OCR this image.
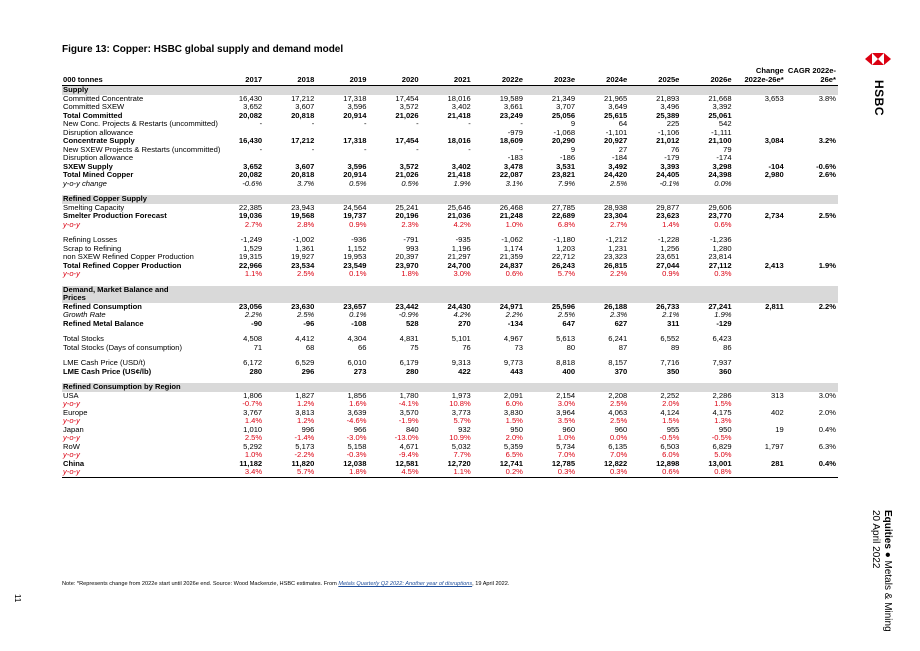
Figure 13: Copper: HSBC global supply and demand model
000 tonnes	2017	2018	2019	2020	2021	2022e	2023e	2024e	2025e	2026e	Change 2022e-26e*	CAGR 2022e-26e*
Supply												
Committed Concentrate	16,430	17,212	17,318	17,454	18,016	19,589	21,349	21,965	21,893	21,668	3,653	3.8%
Committed SXEW	3,652	3,607	3,596	3,572	3,402	3,661	3,707	3,649	3,496	3,392		
Total Committed	20,082	20,818	20,914	21,026	21,418	23,249	25,056	25,615	25,389	25,061		
New Conc. Projects & Restarts (uncommitted)	-	-	-	-	-	-	9	64	225	542		
Disruption allowance						-979	-1,068	-1,101	-1,106	-1,111		
Concentrate Supply	16,430	17,212	17,318	17,454	18,016	18,609	20,290	20,927	21,012	21,100	3,084	3.2%
New SXEW Projects & Restarts (uncommitted)	-	-	-	-	-	-	9	27	76	79		
Disruption allowance						-183	-186	-184	-179	-174		
SXEW Supply	3,652	3,607	3,596	3,572	3,402	3,478	3,531	3,492	3,393	3,298	-104	-0.6%
Total Mined Copper	20,082	20,818	20,914	21,026	21,418	22,087	23,821	24,420	24,405	24,398	2,980	2.6%
y-o-y change	-0.6%	3.7%	0.5%	0.5%	1.9%	3.1%	7.9%	2.5%	-0.1%	0.0%		

Refined Copper Supply												
Smelting Capacity	22,385	23,943	24,564	25,241	25,646	26,468	27,785	28,938	29,877	29,606		
Smelter Production Forecast	19,036	19,568	19,737	20,196	21,036	21,248	22,689	23,304	23,623	23,770	2,734	2.5%
y-o-y	2.7%	2.8%	0.9%	2.3%	4.2%	1.0%	6.8%	2.7%	1.4%	0.6%		

Refining Losses	-1,249	-1,002	-936	-791	-935	-1,062	-1,180	-1,212	-1,228	-1,236		
Scrap to Refining	1,529	1,361	1,152	993	1,196	1,174	1,203	1,231	1,256	1,280		
non SXEW Refined Copper Production	19,315	19,927	19,953	20,397	21,297	21,359	22,712	23,323	23,651	23,814		
Total Refined Copper Production	22,966	23,534	23,549	23,970	24,700	24,837	26,243	26,815	27,044	27,112	2,413	1.9%
y-o-y	1.1%	2.5%	0.1%	1.8%	3.0%	0.6%	5.7%	2.2%	0.9%	0.3%		

Demand, Market Balance and												
Prices												
Refined Consumption	23,056	23,630	23,657	23,442	24,430	24,971	25,596	26,188	26,733	27,241	2,811	2.2%
Growth Rate	2.2%	2.5%	0.1%	-0.9%	4.2%	2.2%	2.5%	2.3%	2.1%	1.9%		
Refined Metal Balance	-90	-96	-108	528	270	-134	647	627	311	-129		

Total Stocks	4,508	4,412	4,304	4,831	5,101	4,967	5,613	6,241	6,552	6,423		
Total Stocks (Days of consumption)	71	68	66	75	76	73	80	87	89	86		

LME Cash Price (USD/t)	6,172	6,529	6,010	6,179	9,313	9,773	8,818	8,157	7,716	7,937		
LME Cash Price (US¢/lb)	280	296	273	280	422	443	400	370	350	360		

Refined Consumption by Region												
USA	1,806	1,827	1,856	1,780	1,973	2,091	2,154	2,208	2,252	2,286	313	3.0%
y-o-y	-0.7%	1.2%	1.6%	-4.1%	10.8%	6.0%	3.0%	2.5%	2.0%	1.5%		
Europe	3,767	3,813	3,639	3,570	3,773	3,830	3,964	4,063	4,124	4,175	402	2.0%
y-o-y	1.4%	1.2%	-4.6%	-1.9%	5.7%	1.5%	3.5%	2.5%	1.5%	1.3%		
Japan	1,010	996	966	840	932	950	960	960	955	950	19	0.4%
y-o-y	2.5%	-1.4%	-3.0%	-13.0%	10.9%	2.0%	1.0%	0.0%	-0.5%	-0.5%		
RoW	5,292	5,173	5,158	4,671	5,032	5,359	5,734	6,135	6,503	6,829	1,797	6.3%
y-o-y	1.0%	-2.2%	-0.3%	-9.4%	7.7%	6.5%	7.0%	7.0%	6.0%	5.0%		
China	11,182	11,820	12,038	12,581	12,720	12,741	12,785	12,822	12,898	13,001	281	0.4%
y-o-y	3.4%	5.7%	1.8%	4.5%	1.1%	0.2%	0.3%	0.3%	0.6%	0.8%		
Note: *Represents change from 2022e start until 2026e end. Source: Wood Mackenzie, HSBC estimates. From Metals Quarterly Q2 2022: Another year of disruptions, 19 April 2022.
11
HSBC
Equities ● Metals & Mining
20 April 2022
